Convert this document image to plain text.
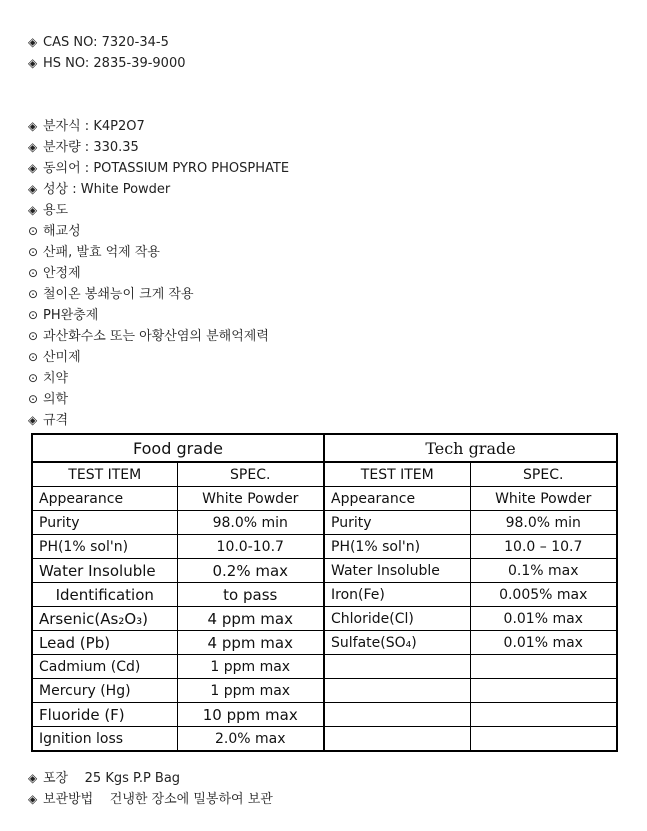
◈ CAS NO: 7320-34-5
◈ HS NO: 2835-39-9000
◈ 분자식 : K4P2O7
◈ 분자량 : 330.35
◈ 동의어 : POTASSIUM PYRO PHOSPHATE
◈ 성상 : White Powder
◈ 용도
⊙ 해교성
⊙ 산패, 발효 억제 작용
⊙ 안정제
⊙ 철이온 봉쇄능이 크게 작용
⊙ PH완충제
⊙ 과산화수소 또는 아황산염의 분해억제력
⊙ 산미제
⊙ 치약
⊙ 의학
◈ 규격
Food grade		Tech grade	
TEST ITEM	SPEC.	TEST ITEM	SPEC.
Appearance	White Powder	Appearance	White Powder
Purity	98.0% min	Purity	98.0% min
PH(1% sol'n)	10.0-10.7	PH(1% sol'n)	10.0 – 10.7
Water Insoluble	0.2% max	Water Insoluble	0.1% max
Identification	to pass	Iron(Fe)	0.005% max
Arsenic(As₂O₃)	4 ppm max	Chloride(Cl)	0.01% max
Lead (Pb)	4 ppm max	Sulfate(SO₄)	0.01% max
Cadmium (Cd)	1 ppm max		
Mercury (Hg)	1 ppm max		
Fluoride (F)	10 ppm max		
Ignition loss	2.0% max		
◈ 포장    25 Kgs P.P Bag
◈ 보관방법    건냉한 장소에 밀봉하여 보관
